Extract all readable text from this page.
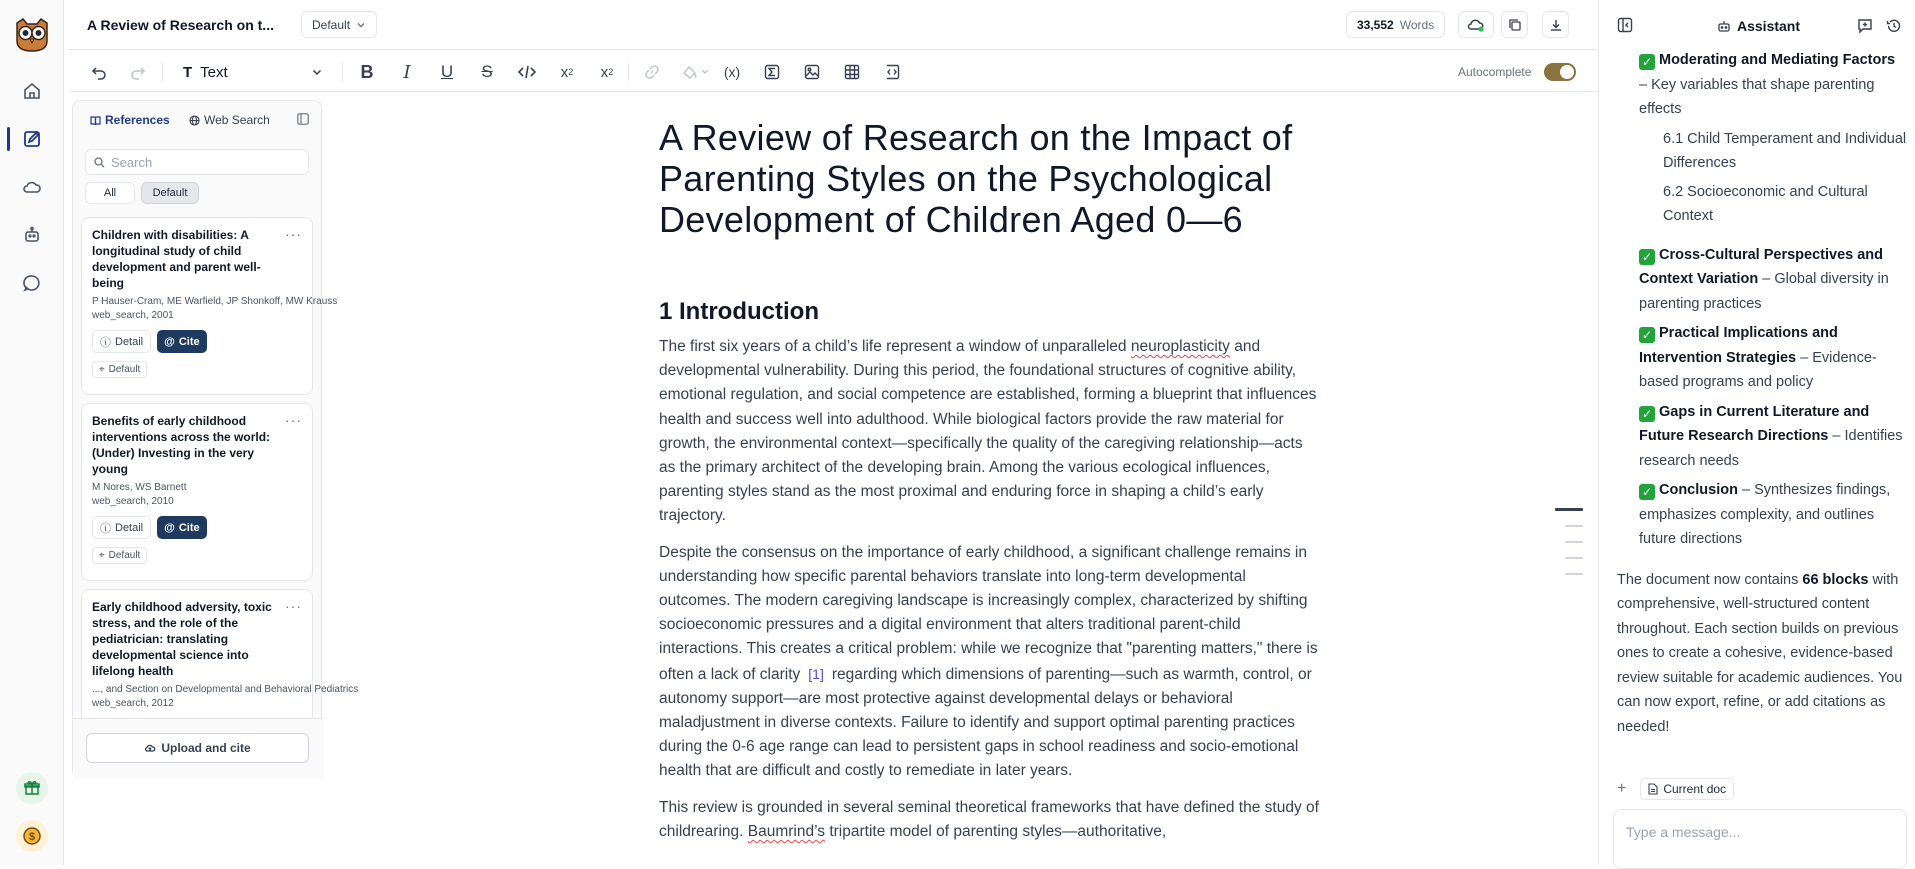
$
A Review of Research on t...	Default	33,552 Words
T Text	B	I	U	S	x 2	x 2	(x)	Autocomplete
References	Web Search
Search
All	Default
Children with disabilities: A longitudinal study of child development and parent well-being
···
P Hauser-Cram, ME Warfield, JP Shonkoff, MW Krauss
web_search, 2001
ⓘ Detail @ Cite
⌖ Default
Benefits of early childhood interventions across the world: (Under) Investing in the very young
···
M Nores, WS Barnett
web_search, 2010
ⓘ Detail @ Cite
⌖ Default
Early childhood adversity, toxic stress, and the role of the pediatrician: translating developmental science into lifelong health
···
..., and Section on Developmental and Behavioral Pediatrics
web_search, 2012
Upload and cite
A Review of Research on the Impact of Parenting Styles on the Psychological Development of Children Aged 0—6
1 Introduction

The first six years of a child’s life represent a window of unparalleled neuroplasticity and developmental vulnerability. During this period, the foundational structures of cognitive ability, emotional regulation, and social competence are established, forming a blueprint that influences health and success well into adulthood. While biological factors provide the raw material for growth, the environmental context—specifically the quality of the caregiving relationship—acts as the primary architect of the developing brain. Among the various ecological influences, parenting styles stand as the most proximal and enduring force in shaping a child’s early trajectory.

Despite the consensus on the importance of early childhood, a significant challenge remains in understanding how specific parental behaviors translate into long-term developmental outcomes. The modern caregiving landscape is increasingly complex, characterized by shifting socioeconomic pressures and a digital environment that alters traditional parent-child interactions. This creates a critical problem: while we recognize that "parenting matters," there is often a lack of clarity [1] regarding which dimensions of parenting—such as warmth, control, or autonomy support—are most protective against developmental delays or behavioral maladjustment in diverse contexts. Failure to identify and support optimal parenting practices during the 0-6 age range can lead to persistent gaps in school readiness and socio-emotional health that are difficult and costly to remediate in later years.

This review is grounded in several seminal theoretical frameworks that have defined the study of childrearing. Baumrind’s tripartite model of parenting styles—authoritative,

Assistant
✓ Moderating and Mediating Factors – Key variables that shape parenting effects
6.1 Child Temperament and Individual Differences
6.2 Socioeconomic and Cultural Context
✓ Cross-Cultural Perspectives and Context Variation – Global diversity in parenting practices
✓ Practical Implications and Intervention Strategies – Evidence-based programs and policy
✓ Gaps in Current Literature and Future Research Directions – Identifies research needs
✓ Conclusion – Synthesizes findings, emphasizes complexity, and outlines future directions
The document now contains 66 blocks with comprehensive, well-structured content throughout. Each section builds on previous ones to create a cohesive, evidence-based review suitable for academic audiences. You can now export, refine, or add citations as needed!
+	Current doc
Type a message...
